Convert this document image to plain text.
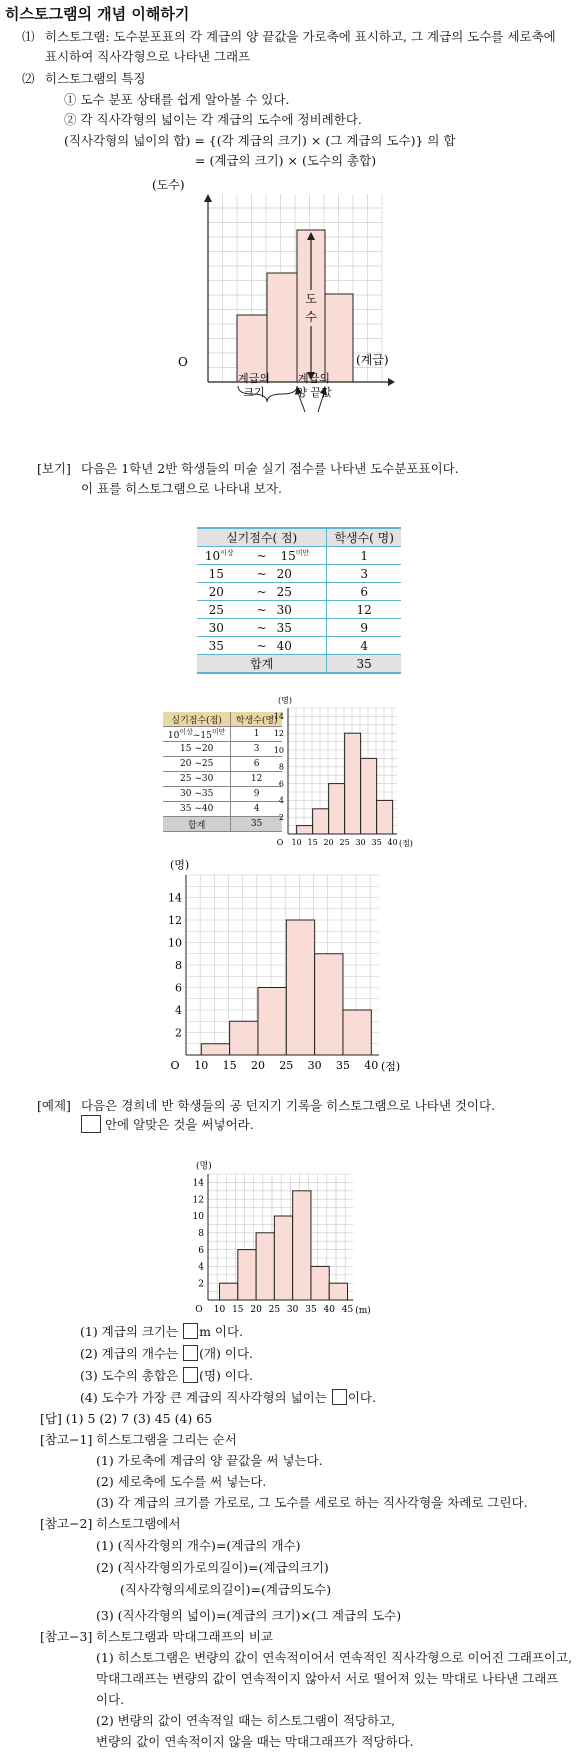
히스토그램의 개념 이해하기
⑴ 히스토그램: 도수분포표의 각 계급의 양 끝값을 가로축에 표시하고, 그 계급의 도수를 세로축에
표시하여 직사각형으로 나타낸 그래프
⑵ 히스토그램의 특징
① 도수 분포 상태를 쉽게 알아볼 수 있다.
② 각 직사각형의 넓이는 각 계급의 도수에 정비례한다.
(직사각형의 넓이의 합) = {(각 계급의 크기) × (그 계급의 도수)} 의 합
= (계급의 크기) × (도수의 총합)
도
수
(도수)
(계급)
O
계급의
크기
계급의
양 끝값
[보기] 다음은 1학년 2반 학생들의 미술 실기 점수를 나타낸 도수분포표이다.
이 표를 히스토그램으로 나타내 보자.
실기점수( 점)	학생수( 명)
$10^{이상}$ ~ $15^{미만}$	1
15 ~ 20	3
20 ~ 25	6
25 ~ 30	12
30 ~ 35	9
35 ~ 40	4
합계	35
실기점수(점)	학생수(명)
$10^{이상}\sim 15^{미만}$	1
15 ~20	3
20 ~25	6
25 ~30	12
30 ~35	9
35 ~40	4
합계	35
2
4
6
8
10
12
14
10 15 20 25 30 35 40
O	(점)
(명)
2
4
6
8
10
12
14
10 15 20 25 30 35 40
O	(점)
(명)
[예제] 다음은 경희네 반 학생들의 공 던지기 기록을 히스토그램으로 나타낸 것이다.
안에 알맞은 것을 써넣어라.
2
4
6
8
10
12
14
10 15 20 25 30 35 40 45
O	(m)
(명)
(1) 계급의 크기는 m 이다.
(2) 계급의 개수는 (개) 이다.
(3) 도수의 총합은 (명) 이다.
(4) 도수가 가장 큰 계급의 직사각형의 넓이는 이다.
[답] (1) 5 (2) 7 (3) 45 (4) 65
[참고−1] 히스토그램을 그리는 순서
(1) 가로축에 계급의 양 끝값을 써 넣는다.
(2) 세로축에 도수를 써 넣는다.
(3) 각 계급의 크기를 가로로, 그 도수를 세로로 하는 직사각형을 차례로 그린다.
[참고−2] 히스토그램에서
(1) (직사각형의 개수)=(계급의 개수)
(2) (직사각형의가로의길이)=(계급의크기)
(직사각형의세로의길이)=(계급의도수)
(3) (직사각형의 넓이)=(계급의 크기)×(그 계급의 도수)
[참고−3] 히스토그램과 막대그래프의 비교
(1) 히스토그램은 변량의 값이 연속적이어서 연속적인 직사각형으로 이어진 그래프이고,
막대그래프는 변량의 값이 연속적이지 않아서 서로 떨어져 있는 막대로 나타낸 그래프
이다.
(2) 변량의 값이 연속적일 때는 히스토그램이 적당하고,
변량의 값이 연속적이지 않을 때는 막대그래프가 적당하다.
